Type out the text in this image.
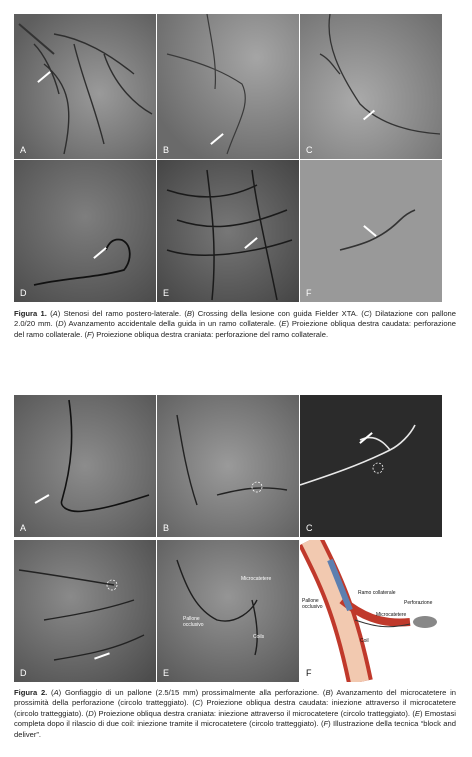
A	B	C
D	E	F
Figura 1. (A) Stenosi del ramo postero-laterale. (B) Crossing della lesione con guida Fielder XTA. (C) Dilatazione con pallone 2.0/20 mm. (D) Avanzamento accidentale della guida in un ramo collaterale. (E) Proiezione obliqua destra caudata: perforazione del ramo collaterale. (F) Proiezione obliqua destra craniata: perforazione del ramo collaterale.
A	B	C
D
Microcatetere
Pallone
occlusivo
Coils
E
Ramo collaterale
Perforazione
Microcatetere
Pallone
occlusivo
Coil
F
Figura 2. (A) Gonfiaggio di un pallone (2.5/15 mm) prossimalmente alla perforazione. (B) Avanzamento del microcatetere in prossimità della perforazione (circolo tratteggiato). (C) Proiezione obliqua destra caudata: iniezione attraverso il microcatetere (circolo tratteggiato). (D) Proiezione obliqua destra craniata: iniezione attraverso il microcatetere (circolo tratteggiato). (E) Emostasi completa dopo il rilascio di due coil: iniezione tramite il microcatetere (circolo tratteggiato). (F) Illustrazione della tecnica “block and deliver”.
